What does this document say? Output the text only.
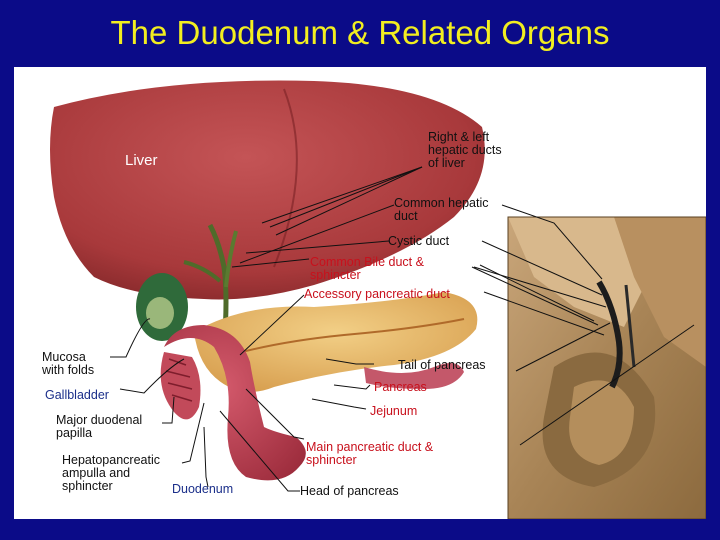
The Duodenum & Related Organs
Liver
Right & left
hepatic ducts
of liver
Common hepatic
duct
Cystic duct
Common Bile duct &
sphincter
Accessory pancreatic duct
Mucosa
with folds	Tail of pancreas
Gallbladder
Pancreas
Jejunum
Major duodenal
papilla
Hepatopancreatic
ampulla and
sphincter
Main pancreatic duct &
sphincter
Duodenum	Head of pancreas
